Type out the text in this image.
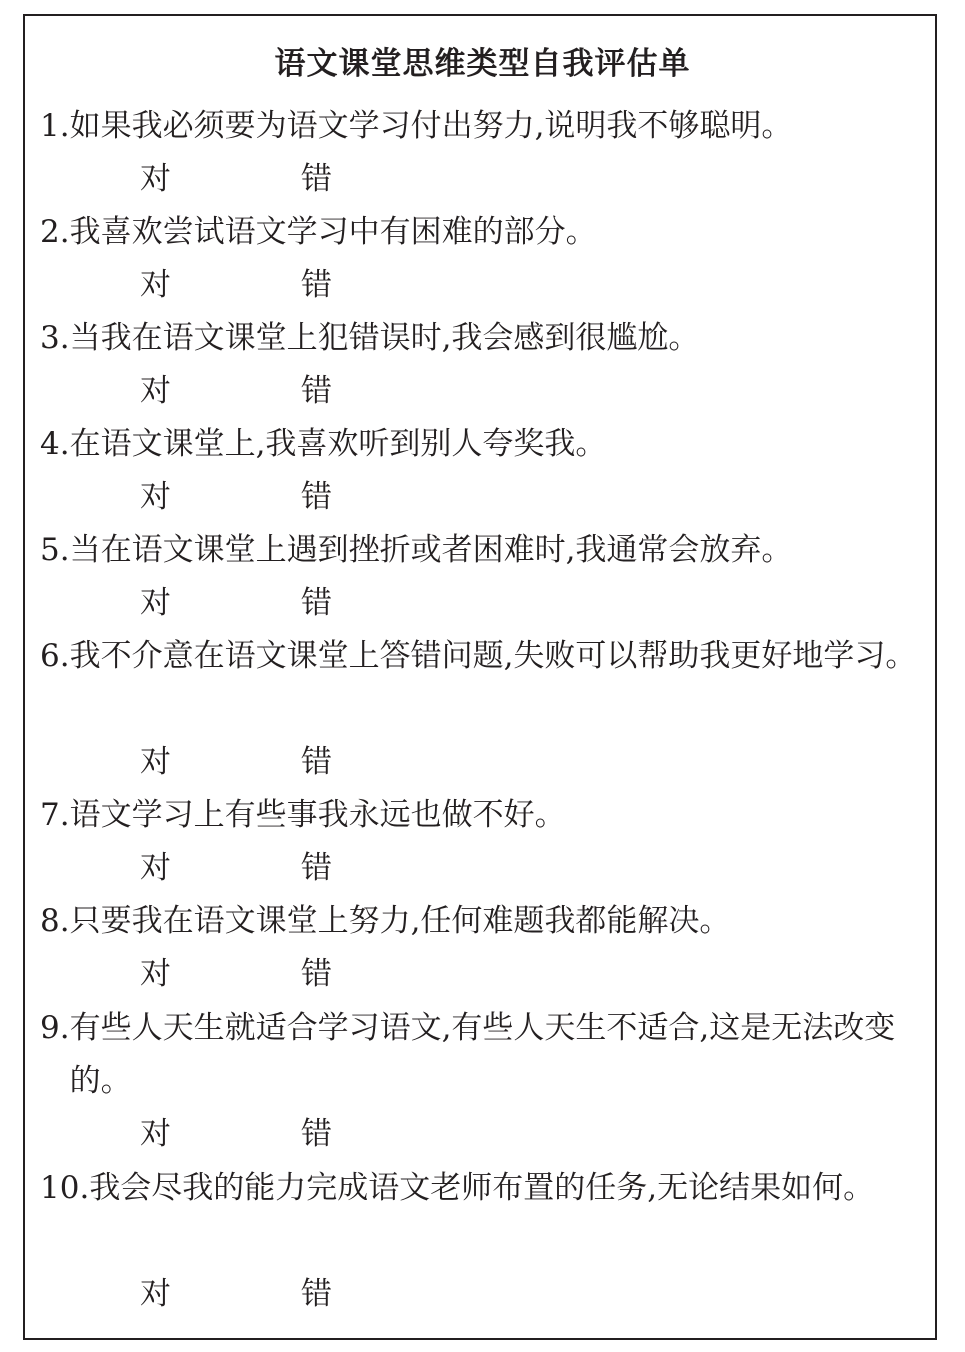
语文课堂思维类型自我评估单
1. 如果我必须要为语文学习付出努力,说明我不够聪明。
对	错
2. 我喜欢尝试语文学习中有困难的部分。
对	错
3. 当我在语文课堂上犯错误时,我会感到很尴尬。
对	错
4. 在语文课堂上,我喜欢听到别人夸奖我。
对	错
5. 当在语文课堂上遇到挫折或者困难时,我通常会放弃。
对	错
6. 我不介意在语文课堂上答错问题,失败可以帮助我更好地学习。
对	错
7. 语文学习上有些事我永远也做不好。
对	错
8. 只要我在语文课堂上努力,任何难题我都能解决。
对	错
9. 有些人天生就适合学习语文,有些人天生不适合,这是无法改变的。
对	错
10. 我会尽我的能力完成语文老师布置的任务,无论结果如何。
对	错
